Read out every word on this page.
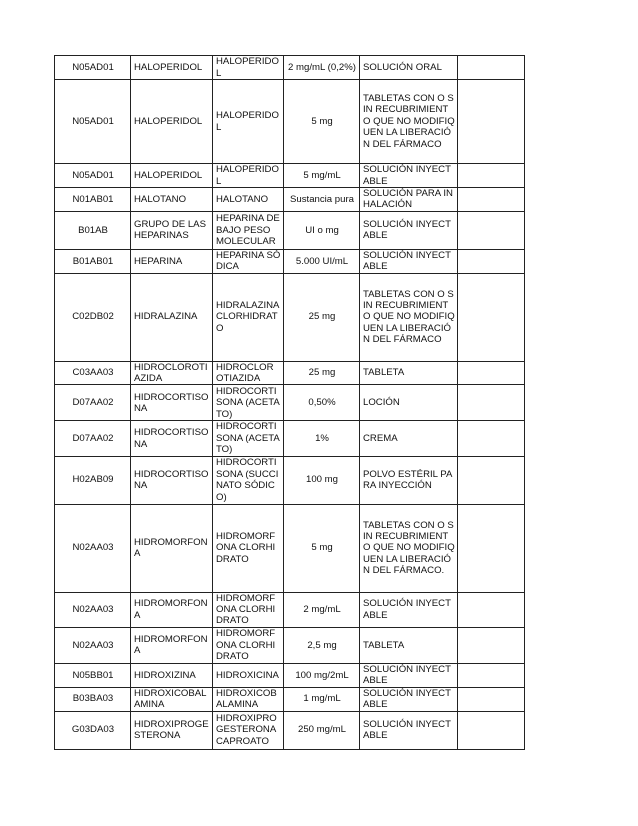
N05AD01	HALOPERIDOL	HALOPERIDOL	2 mg/mL (0,2%)	SOLUCIÓN ORAL	
N05AD01	HALOPERIDOL	HALOPERIDOL	5 mg	TABLETAS CON O SIN RECUBRIMIENTO QUE NO MODIFIQUEN LA LIBERACIÓN DEL FÁRMACO	
N05AD01	HALOPERIDOL	HALOPERIDOL	5 mg/mL	SOLUCIÓN INYECTABLE	
N01AB01	HALOTANO	HALOTANO	Sustancia pura	SOLUCIÓN PARA INHALACIÓN	
B01AB	GRUPO DE LAS HEPARINAS	HEPARINA DE BAJO PESO MOLECULAR	UI o mg	SOLUCIÓN INYECTABLE	
B01AB01	HEPARINA	HEPARINA SÓDICA	5.000 UI/mL	SOLUCIÓN INYECTABLE	
C02DB02	HIDRALAZINA	HIDRALAZINA CLORHIDRATO	25 mg	TABLETAS CON O SIN RECUBRIMIENTO QUE NO MODIFIQUEN LA LIBERACIÓN DEL FÁRMACO	
C03AA03	HIDROCLOROTIAZIDA	HIDROCLOROTIAZIDA	25 mg	TABLETA	
D07AA02	HIDROCORTISONA	HIDROCORTISONA (ACETATO)	0,50%	LOCIÓN	
D07AA02	HIDROCORTISONA	HIDROCORTISONA (ACETATO)	1%	CREMA	
H02AB09	HIDROCORTISONA	HIDROCORTISONA (SUCCINATO SÓDICO)	100 mg	POLVO ESTÉRIL PARA INYECCIÓN	
N02AA03	HIDROMORFONA	HIDROMORFONA CLORHIDRATO	5 mg	TABLETAS CON O SIN RECUBRIMIENTO QUE NO MODIFIQUEN LA LIBERACIÓN DEL FÁRMACO.	
N02AA03	HIDROMORFONA	HIDROMORFONA CLORHIDRATO	2 mg/mL	SOLUCIÓN INYECTABLE	
N02AA03	HIDROMORFONA	HIDROMORFONA CLORHIDRATO	2,5 mg	TABLETA	
N05BB01	HIDROXIZINA	HIDROXICINA	100 mg/2mL	SOLUCIÓN INYECTABLE	
B03BA03	HIDROXICOBALAMINA	HIDROXICOBALAMINA	1 mg/mL	SOLUCIÓN INYECTABLE	
G03DA03	HIDROXIPROGESTERONA	HIDROXIPROGESTERONA CAPROATO	250 mg/mL	SOLUCIÓN INYECTABLE	
